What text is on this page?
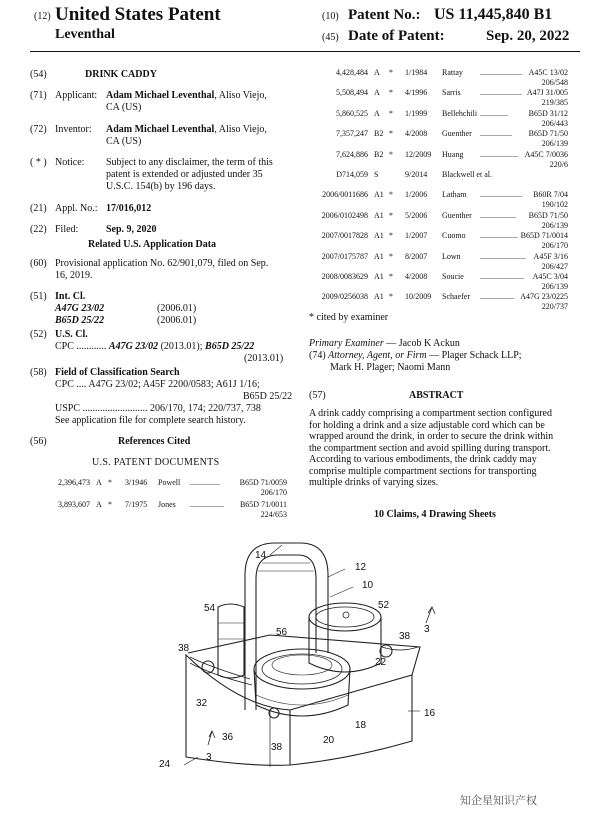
(12) United States Patent
Leventhal
(10) Patent No.: US 11,445,840 B1
(45) Date of Patent:	Sep. 20, 2022
(54)	DRINK CADDY
(71) Applicant: Adam Michael Leventhal, Aliso Viejo,
CA (US)
(72) Inventor: Adam Michael Leventhal, Aliso Viejo,
CA (US)
( * ) Notice: Subject to any disclaimer, the term of this
patent is extended or adjusted under 35
U.S.C. 154(b) by 196 days.
(21) Appl. No.: 17/016,012
(22) Filed:	Sep. 9, 2020
Related U.S. Application Data
(60) Provisional application No. 62/901,079, filed on Sep.
16, 2019.
(51) Int. Cl.
A47G 23/02	(2006.01)
B65D 25/22	(2006.01)
(52) U.S. Cl.
CPC ............ A47G 23/02 (2013.01); B65D 25/22
(2013.01)
(58) Field of Classification Search
CPC .... A47G 23/02; A45F 2200/0583; A61J 1/16;
B65D 25/22
USPC .......................... 206/170, 174; 220/737, 738
See application file for complete search history.
(56)	References Cited
U.S. PATENT DOCUMENTS
2,396,473 A * 3/1946 Powell ............... B65D 71/0059
206/170
3,893,607 A * 7/1975 Jones ................. B65D 71/0011
224/653
4,428,484 A * 1/1984 Rattay ..................... A45C 13/02
206/548
5,508,494 A * 4/1996 Sarris ..................... A47J 31/005
219/385
5,860,525 A * 1/1999 Bellehchili ..............	B65D 31/12
206/443
7,357,247 B2 * 4/2008 Guenther ................ B65D 71/50
206/139
7,624,886 B2 * 12/2009 Huang ................... A45C 7/0036
220/6
D714,059 S	9/2014 Blackwell et al.
2006/0011686 A1 * 1/2006 Latham ..................... B60R 7/04
190/102
2006/0102498 A1 * 5/2006 Guenther .................. B65D 71/50
206/139
2007/0017828 A1 * 1/2007 Cuomo ................... B65D 71/0014
206/170
2007/0175787 A1 * 8/2007 Lown ....................... A45F 3/16
206/427
2008/0083629 A1 * 4/2008 Soucie ...................... A45C 3/04
206/139
2009/0256038 A1 * 10/2009 Schaefer ................. A47G 23/0225
220/737
* cited by examiner
Primary Examiner — Jacob K Ackun
(74) Attorney, Agent, or Firm — Plager Schack LLP;
Mark H. Plager; Naomi Mann
(57)	ABSTRACT
A drink caddy comprising a compartment section configured
for holding a drink and a size adjustable cord which can be
wrapped around the drink, in order to secure the drink within
the compartment section and avoid spilling during transport.
According to various embodiments, the drink caddy may
comprise multiple compartment sections for transporting
multiple drinks of varying sizes.
10 Claims, 4 Drawing Sheets
14
12
10
54	52
56	3
38
38
22
32
16
36
18
20
3
38
24
知企星知识产权
